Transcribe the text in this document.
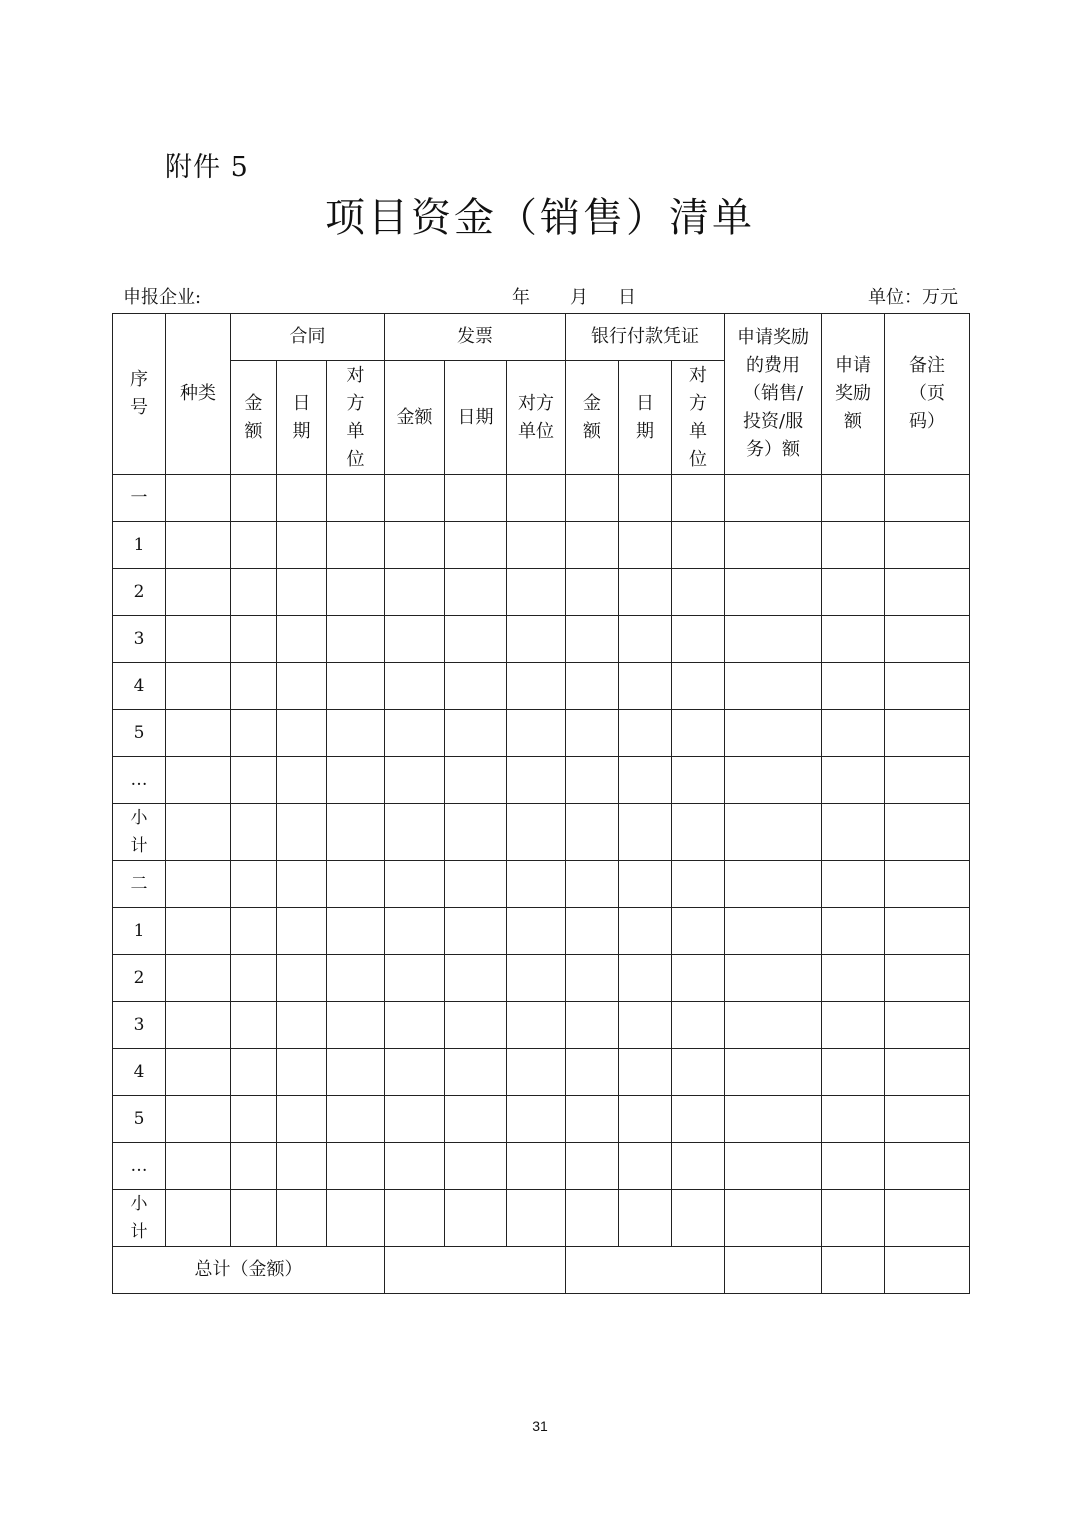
附件 5
项目资金（销售）清单
申报企业:	年 月 日	单位：万元
序号	种类	合同			发票			银行付款凭证			申请奖励的费用（销售/投资/服务）额	申请奖励额	备注（页码）
		金额	日期	对方单位	金额	日期	对方单位	金额	日期	对方单位			
一													
1													
2													
3													
4													
5													
…													
小计													
二													
1													
2													
3													
4													
5													
…													
小计													
总计（金额）													
31
